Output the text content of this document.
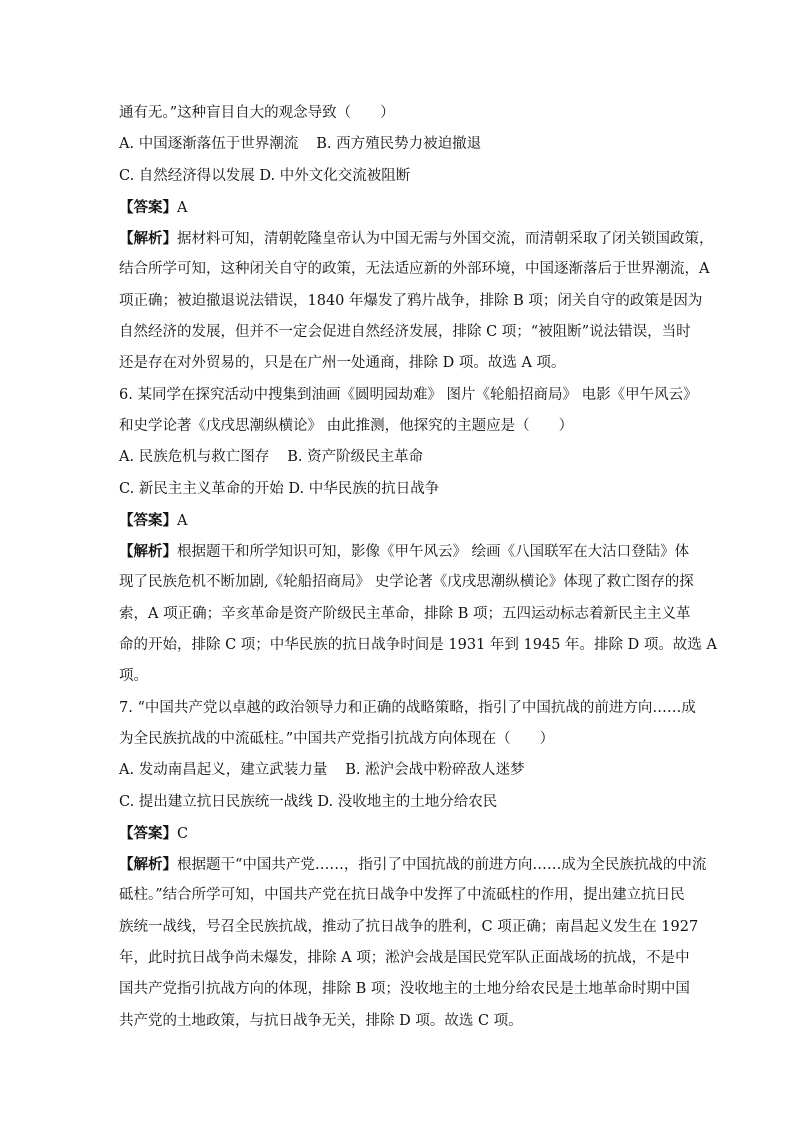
通有无。”这种盲目自大的观念导致（　　）
A. 中国逐渐落伍于世界潮流 B. 西方殖民势力被迫撤退
C. 自然经济得以发展 D. 中外文化交流被阻断
【答案】A
【解析】据材料可知，清朝乾隆皇帝认为中国无需与外国交流，而清朝采取了闭关锁国政策，
结合所学可知，这种闭关自守的政策，无法适应新的外部环境，中国逐渐落后于世界潮流，A
项正确；被迫撤退说法错误，1840 年爆发了鸦片战争，排除 B 项；闭关自守的政策是因为
自然经济的发展，但并不一定会促进自然经济发展，排除 C 项；“被阻断”说法错误，当时
还是存在对外贸易的，只是在广州一处通商，排除 D 项。故选 A 项。
6. 某同学在探究活动中搜集到油画《圆明园劫难》 图片《轮船招商局》 电影《甲午风云》
和史学论著《戊戌思潮纵横论》 由此推测，他探究的主题应是（　　）
A. 民族危机与救亡图存 B. 资产阶级民主革命
C. 新民主主义革命的开始 D. 中华民族的抗日战争
【答案】A
【解析】根据题干和所学知识可知，影像《甲午风云》 绘画《八国联军在大沽口登陆》体
现了民族危机不断加剧,《轮船招商局》 史学论著《戊戌思潮纵横论》体现了救亡图存的探
索，A 项正确；辛亥革命是资产阶级民主革命，排除 B 项；五四运动标志着新民主主义革
命的开始，排除 C 项；中华民族的抗日战争时间是 1931 年到 1945 年。排除 D 项。故选 A
项。
7. “中国共产党以卓越的政治领导力和正确的战略策略，指引了中国抗战的前进方向……成
为全民族抗战的中流砥柱。”中国共产党指引抗战方向体现在（　　）
A. 发动南昌起义，建立武装力量 B. 淞沪会战中粉碎敌人迷梦
C. 提出建立抗日民族统一战线 D. 没收地主的土地分给农民
【答案】C
【解析】根据题干“中国共产党……，指引了中国抗战的前进方向……成为全民族抗战的中流
砥柱。”结合所学可知，中国共产党在抗日战争中发挥了中流砥柱的作用，提出建立抗日民
族统一战线，号召全民族抗战，推动了抗日战争的胜利，C 项正确；南昌起义发生在 1927
年，此时抗日战争尚未爆发，排除 A 项；淞沪会战是国民党军队正面战场的抗战，不是中
国共产党指引抗战方向的体现，排除 B 项；没收地主的土地分给农民是土地革命时期中国
共产党的土地政策，与抗日战争无关，排除 D 项。故选 C 项。
